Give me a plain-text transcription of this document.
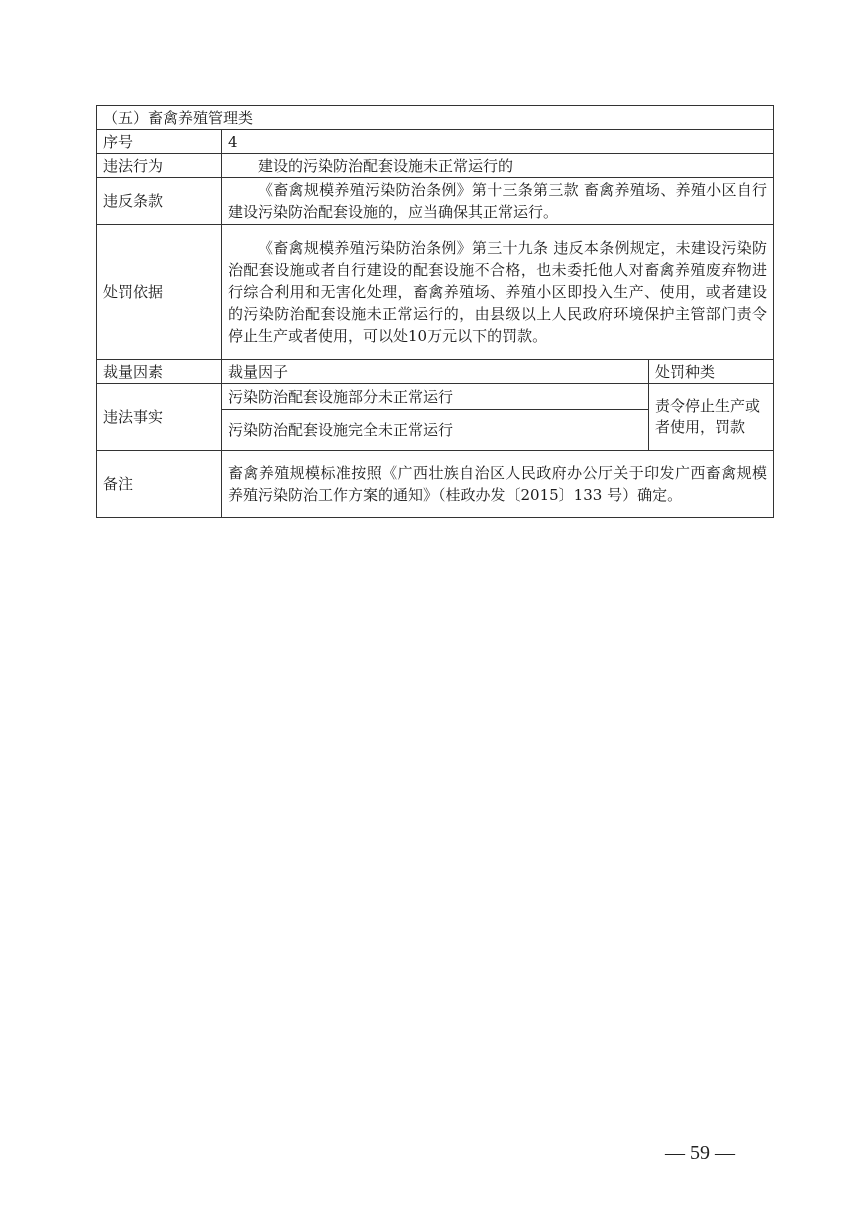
（五）畜禽养殖管理类		
序号	4	
违法行为	建设的污染防治配套设施未正常运行的	
违反条款	《畜禽规模养殖污染防治条例》第十三条第三款 畜禽养殖场、养殖小区自行建设污染防治配套设施的，应当确保其正常运行。	
处罚依据	《畜禽规模养殖污染防治条例》第三十九条 违反本条例规定，未建设污染防治配套设施或者自行建设的配套设施不合格，也未委托他人对畜禽养殖废弃物进行综合利用和无害化处理，畜禽养殖场、养殖小区即投入生产、使用，或者建设的污染防治配套设施未正常运行的，由县级以上人民政府环境保护主管部门责令停止生产或者使用，可以处10万元以下的罚款。	
裁量因素	裁量因子	处罚种类
违法事实	污染防治配套设施部分未正常运行	责令停止生产或者使用，罚款
	污染防治配套设施完全未正常运行	
备注	畜禽养殖规模标准按照《广西壮族自治区人民政府办公厅关于印发广西畜禽规模养殖污染防治工作方案的通知》（桂政办发〔2015〕133 号）确定。	
— 59 —
